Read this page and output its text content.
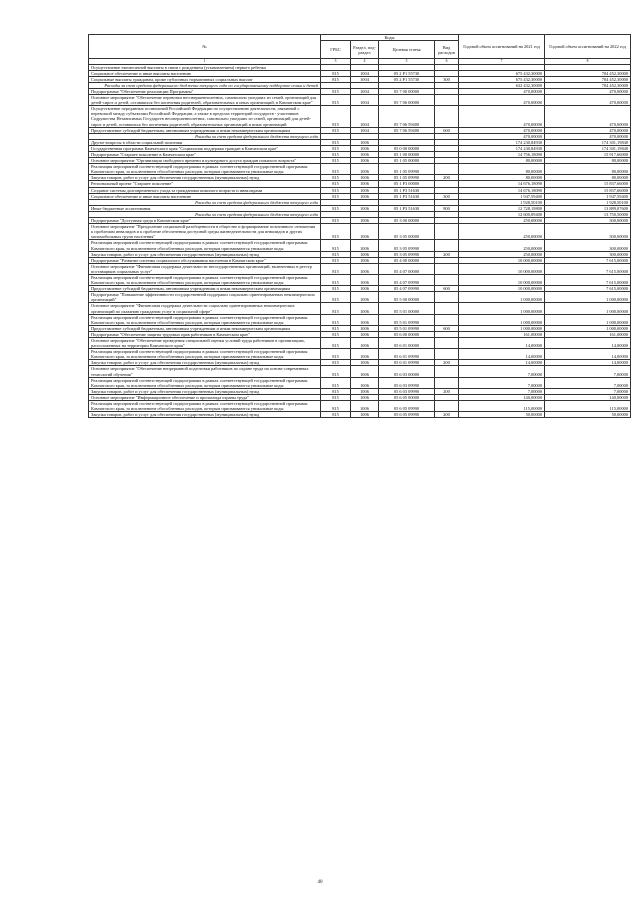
№	Коды				Годовой объем ассигнований на 2021 год	Годовой объем ассигнований на 2022 год
	ГРБС	Раздел, под-раздел	Целевая статья	Вид расходов		
1	3	4	5	6	7	8
Осуществление ежемесячной выплаты в связи с рождением (усыновлением) первого ребенка						
Социальное обеспечение и иные выплаты населению	815	1004	05 2 Р1 55730		675 432,30000	704 452,30000
Социальные выплаты гражданам, кроме публичных нормативных социальных выплат	815	1004	05 2 Р1 55730	300	675 432,30000	704 452,30000
Расходы за счет средств федерального бюджета текущего года по государственному поддержке семьи и детей					632 432,30000	704 452,30000
Подпрограмма "Обеспечение реализации Программы"	815	1004	05 7 00 00000		470,00000	470,00000
Основное мероприятие "Обеспечение перевозки несовершеннолетних, самовольно ушедших из семей, организаций для детей-сирот и детей, оставшихся без попечения родителей, образовательных и иных организаций, в Камчатском крае"	815	1004	05 7 06 00000		470,00000	470,00000
Осуществление переданных полномочий Российской Федерации по осуществлению деятельности, связанной с перевозкой между субъектами Российской Федерации, а также в пределах территорий государств - участников Содружества Независимых Государств несовершеннолетних, самовольно ушедших из семей, организаций для детей-сирот и детей, оставшихся без попечения родителей, образовательных организаций и иных организаций	815	1004	05 7 06 59400		470,00000	470,00000
Предоставление субсидий бюджетным, автономным учреждениям и иным некоммерческим организациям	815	1004	05 7 06 59400	600	470,00000	470,00000
Расходы за счет средств федерального бюджета текущего года					470,00000	470,00000
Другие вопросы в области социальной политики	815	1006			174 230,84930	174 301,19840
Государственная программа Камчатского края "Социальная поддержка граждан в Камчатском крае"	815	1006	05 0 00 00000		174 230,84930	174 301,19840
Подпрограмма "Старшее поколение в Камчатском крае"	815	1006	05 1 00 00000		14 756,18090	15 917,66000
Основное мероприятие "Организация свободного времени и культурного досуга граждан пожилого возраста"	815	1006	05 1 05 00000		80,00000	80,00000
Реализация мероприятий соответствующей подпрограммы в рамках соответствующей государственной программы Камчатского края, за исключением обособленных расходов, которым присваиваются уникальные коды	815	1006	05 1 05 09990		80,00000	80,00000
Закупка товаров, работ и услуг для обеспечения государственных (муниципальных) нужд	815	1006	05 1 05 09990	200	80,00000	80,00000
Региональный проект "Старшее поколение"	815	1006	05 1 Р3 00000		14 676,18090	15 837,66000
Создание системы долговременного ухода за гражданами пожилого возраста и инвалидами	815	1006	05 1 Р3 51630		14 676,18090	15 837,66000
Социальное обеспечение и иные выплаты населению	815	1006	05 1 Р3 51630	300	1 947,59400	1 947,59400
Расходы за счет средств федерального бюджета текущего года					1 928,50100	1 928,50100
Иные бюджетные ассигнования	815	1006	05 1 Р3 51630	800	12 728,19800	13 889,07600
Расходы за счет средств федерального бюджета текущего года					12 600,89400	13 750,50000
Подпрограмма "Доступная среда в Камчатском крае"	815	1006	05 3 00 00000		250,00000	300,00000
Основное мероприятие "Преодоление социальной разобщенности в обществе и формирование позитивного отношения к проблемам инвалидов и к проблеме обеспечения доступной среды жизнедеятельности для инвалидов и других маломобильных групп населения"	815	1006	05 3 05 00000		250,00000	300,00000
Реализация мероприятий соответствующей подпрограммы в рамках соответствующей государственной программы Камчатского края, за исключением обособленных расходов, которым присваиваются уникальные коды	815	1006	05 3 05 09990		250,00000	300,00000
Закупка товаров, работ и услуг для обеспечения государственных (муниципальных) нужд	815	1006	05 3 05 09990	200	250,00000	300,00000
Подпрограмма "Развитие системы социального обслуживания населения в Камчатском крае"	815	1006	05 4 00 00000		10 000,00000	7 615,00000
Основное мероприятие "Финансовая поддержка деятельности негосударственных организаций, включенных в реестр поставщиков социальных услуг"	815	1006	05 4 07 00000		10 000,00000	7 615,00000
Реализация мероприятий соответствующей подпрограммы в рамках соответствующей государственной программы Камчатского края, за исключением обособленных расходов, которым присваиваются уникальные коды	815	1006	05 4 07 09990		10 000,00000	7 615,00000
Предоставление субсидий бюджетным, автономным учреждениям и иным некоммерческим организациям	815	1006	05 4 07 09990	600	10 000,00000	7 615,00000
Подпрограмма "Повышение эффективности государственной поддержки социально ориентированных некоммерческих организаций"	815	1006	05 5 00 00000		1 000,00000	1 000,00000
Основное мероприятие "Финансовая поддержка деятельности социально ориентированных некоммерческих организаций по оказанию гражданам услуг в социальной сфере"	815	1006	05 5 01 00000		1 000,00000	1 000,00000
Реализация мероприятий соответствующей подпрограммы в рамках соответствующей государственной программы Камчатского края, за исключением обособленных расходов, которым присваиваются уникальные коды	815	1006	05 5 01 09990		1 000,00000	1 000,00000
Предоставление субсидий бюджетным, автономным учреждениям и иным некоммерческим организациям	815	1006	05 5 01 09990	600	1 000,00000	1 000,00000
Подпрограмма "Обеспечение защиты трудовых прав работников в Камчатском крае"	815	1006	05 6 00 00000		161,00000	161,00000
Основное мероприятие "Обеспечение проведения специальной оценки условий труда работников в организациях, расположенных на территории Камчатского края"	815	1006	05 6 01 00000		14,00000	14,00000
Реализация мероприятий соответствующей подпрограммы в рамках соответствующей государственной программы Камчатского края, за исключением обособленных расходов, которым присваиваются уникальные коды	815	1006	05 6 01 09990		14,00000	14,00000
Закупка товаров, работ и услуг для обеспечения государственных (муниципальных) нужд	815	1006	05 6 01 09990	200	14,00000	14,00000
Основное мероприятие "Обеспечение непрерывной подготовки работников по охране труда на основе современных технологий обучения"	815	1006	05 6 03 00000		7,00000	7,00000
Реализация мероприятий соответствующей подпрограммы в рамках соответствующей государственной программы Камчатского края, за исключением обособленных расходов, которым присваиваются уникальные коды	815	1006	05 6 03 09990		7,00000	7,00000
Закупка товаров, работ и услуг для обеспечения государственных (муниципальных) нужд	815	1006	05 6 03 09990	200	7,00000	7,00000
Основное мероприятие "Информационное обеспечение и пропаганда охраны труда"	815	1006	05 6 05 00000		140,00000	140,00000
Реализация мероприятий соответствующей подпрограммы в рамках соответствующей государственной программы Камчатского края, за исключением обособленных расходов, которым присваиваются уникальные коды	815	1006	05 6 05 09990		115,00000	115,00000
Закупка товаров, работ и услуг для обеспечения государственных (муниципальных) нужд	815	1006	05 6 05 09990	200	50,00000	50,00000
40
